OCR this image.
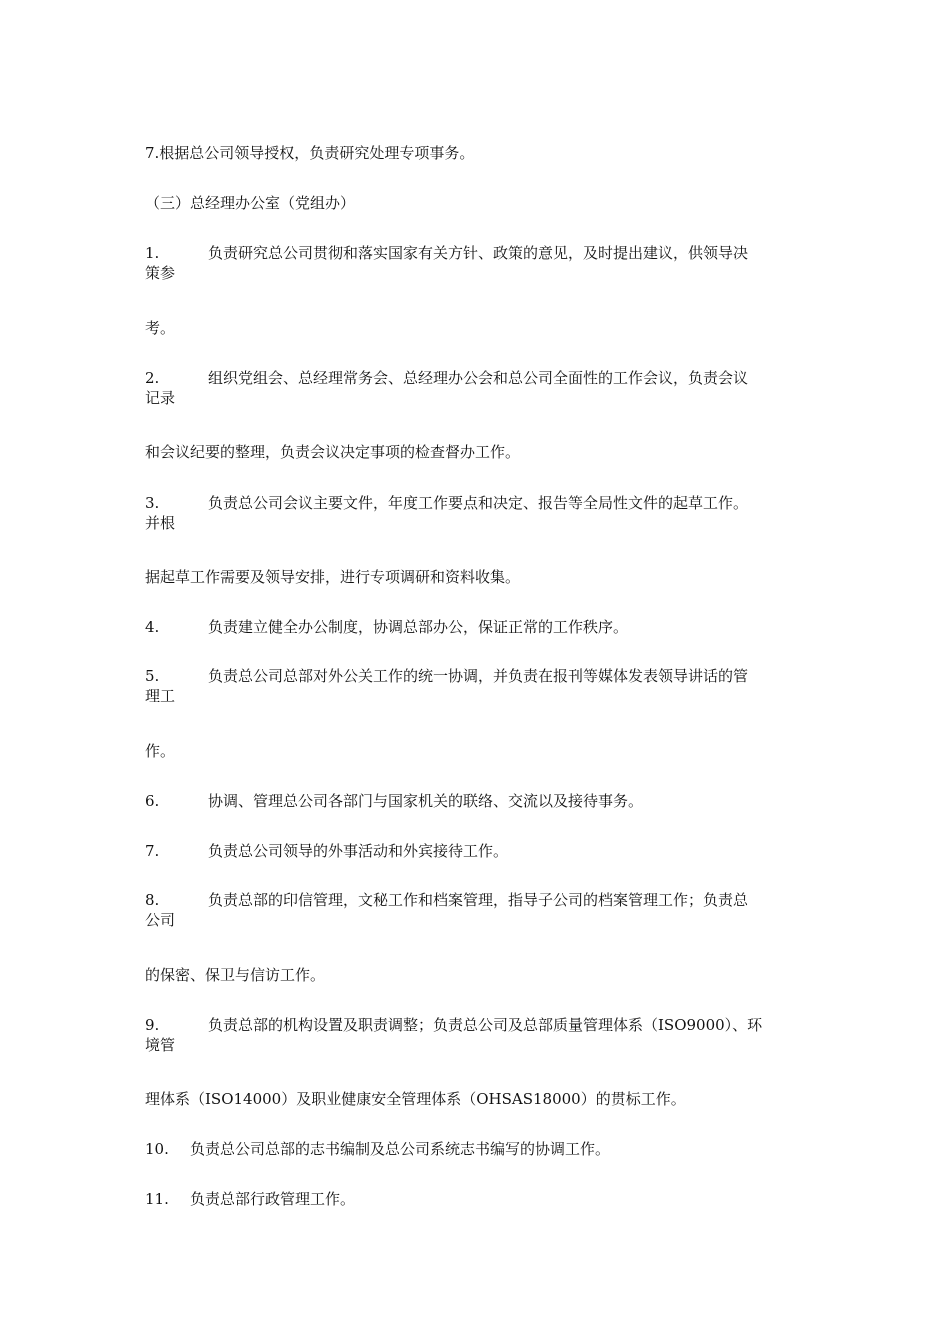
7.根据总公司领导授权，负责研究处理专项事务。
（三）总经理办公室（党组办）
1.	负责研究总公司贯彻和落实国家有关方针、政策的意见，及时提出建议，供领导决
策参
考。
2.	组织党组会、总经理常务会、总经理办公会和总公司全面性的工作会议，负责会议
记录
和会议纪要的整理，负责会议决定事项的检查督办工作。
3.	负责总公司会议主要文件，年度工作要点和决定、报告等全局性文件的起草工作。
并根
据起草工作需要及领导安排，进行专项调研和资料收集。
4.	负责建立健全办公制度，协调总部办公，保证正常的工作秩序。
5.	负责总公司总部对外公关工作的统一协调，并负责在报刊等媒体发表领导讲话的管
理工
作。
6.	协调、管理总公司各部门与国家机关的联络、交流以及接待事务。
7.	负责总公司领导的外事活动和外宾接待工作。
8.	负责总部的印信管理，文秘工作和档案管理，指导子公司的档案管理工作；负责总
公司
的保密、保卫与信访工作。
9.	负责总部的机构设置及职责调整；负责总公司及总部质量管理体系（ISO9000）、环
境管
理体系（ISO14000）及职业健康安全管理体系（OHSAS18000）的贯标工作。
10. 负责总公司总部的志书编制及总公司系统志书编写的协调工作。
11. 负责总部行政管理工作。
